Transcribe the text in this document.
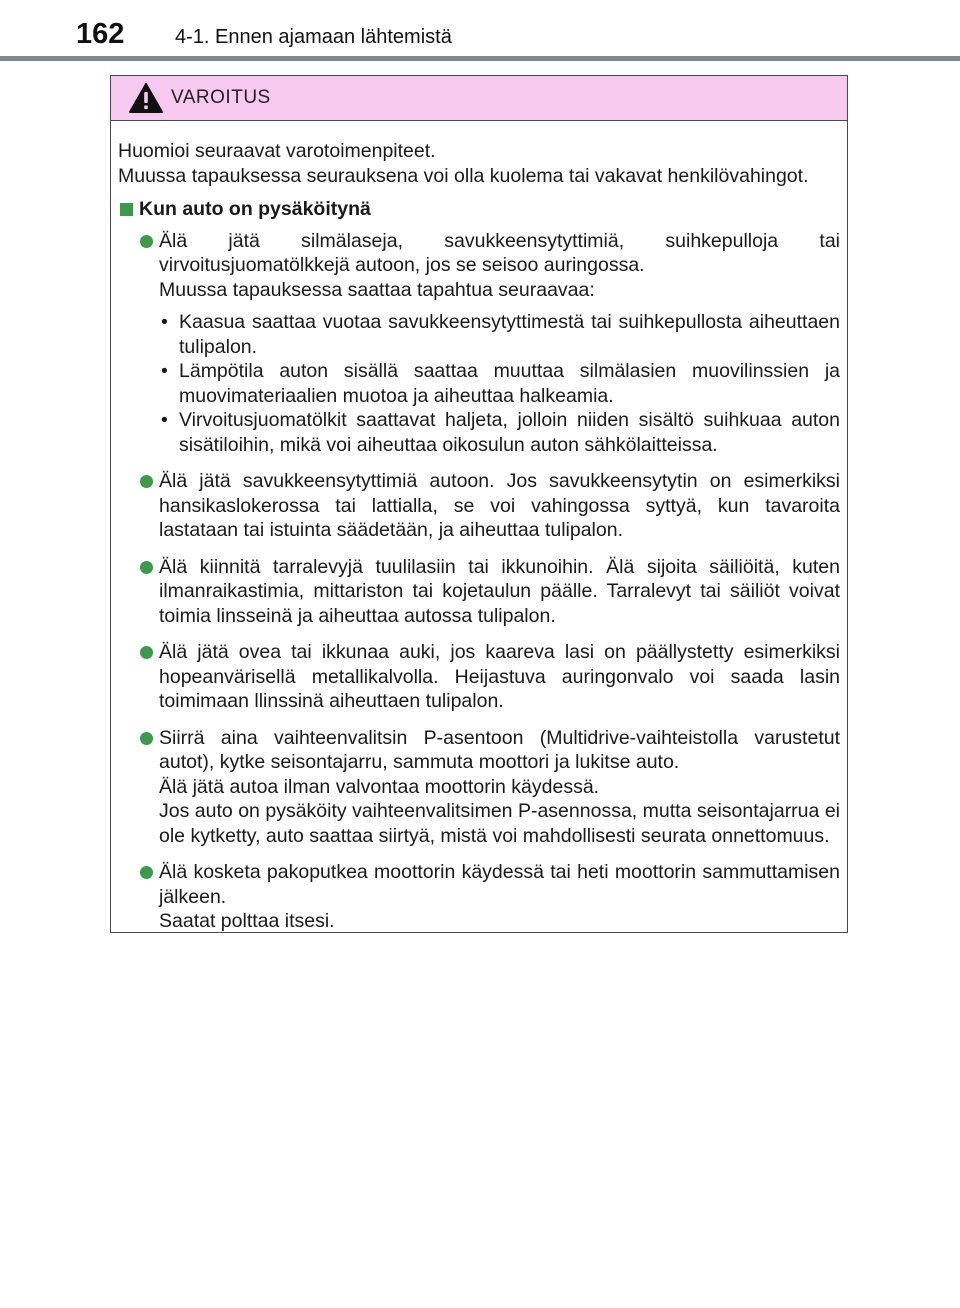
162	4-1. Ennen ajamaan lähtemistä
VAROITUS

Huomioi seuraavat varotoimenpiteet.

Muussa tapauksessa seurauksena voi olla kuolema tai vakavat henkilövahingot.

Kun auto on pysäköitynä

Älä jätä silmälaseja, savukkeensytyttimiä, suihkepulloja tai virvoitusjuomatölkkejä autoon, jos se seisoo auringossa.

Muussa tapauksessa saattaa tapahtua seuraavaa:

• Kaasua saattaa vuotaa savukkeensytyttimestä tai suihkepullosta aiheuttaen tulipalon.
• Lämpötila auton sisällä saattaa muuttaa silmälasien muovilinssien ja muovimateriaalien muotoa ja aiheuttaa halkeamia.
• Virvoitusjuomatölkit saattavat haljeta, jolloin niiden sisältö suihkuaa auton sisätiloihin, mikä voi aiheuttaa oikosulun auton sähkölaitteissa.

Älä jätä savukkeensytyttimiä autoon. Jos savukkeensytytin on esimerkiksi hansikaslokerossa tai lattialla, se voi vahingossa syttyä, kun tavaroita lastataan tai istuinta säädetään, ja aiheuttaa tulipalon.

Älä kiinnitä tarralevyjä tuulilasiin tai ikkunoihin. Älä sijoita säiliöitä, kuten ilmanraikastimia, mittariston tai kojetaulun päälle. Tarralevyt tai säiliöt voivat toimia linsseinä ja aiheuttaa autossa tulipalon.

Älä jätä ovea tai ikkunaa auki, jos kaareva lasi on päällystetty esimerkiksi hopeanvärisellä metallikalvolla. Heijastuva auringonvalo voi saada lasin toimimaan llinssinä aiheuttaen tulipalon.

Siirrä aina vaihteenvalitsin P-asentoon (Multidrive-vaihteistolla varustetut autot), kytke seisontajarru, sammuta moottori ja lukitse auto.

Älä jätä autoa ilman valvontaa moottorin käydessä.

Jos auto on pysäköity vaihteenvalitsimen P-asennossa, mutta seisontajarrua ei ole kytketty, auto saattaa siirtyä, mistä voi mahdollisesti seurata onnettomuus.

Älä kosketa pakoputkea moottorin käydessä tai heti moottorin sammuttamisen jälkeen.

Saatat polttaa itsesi.
